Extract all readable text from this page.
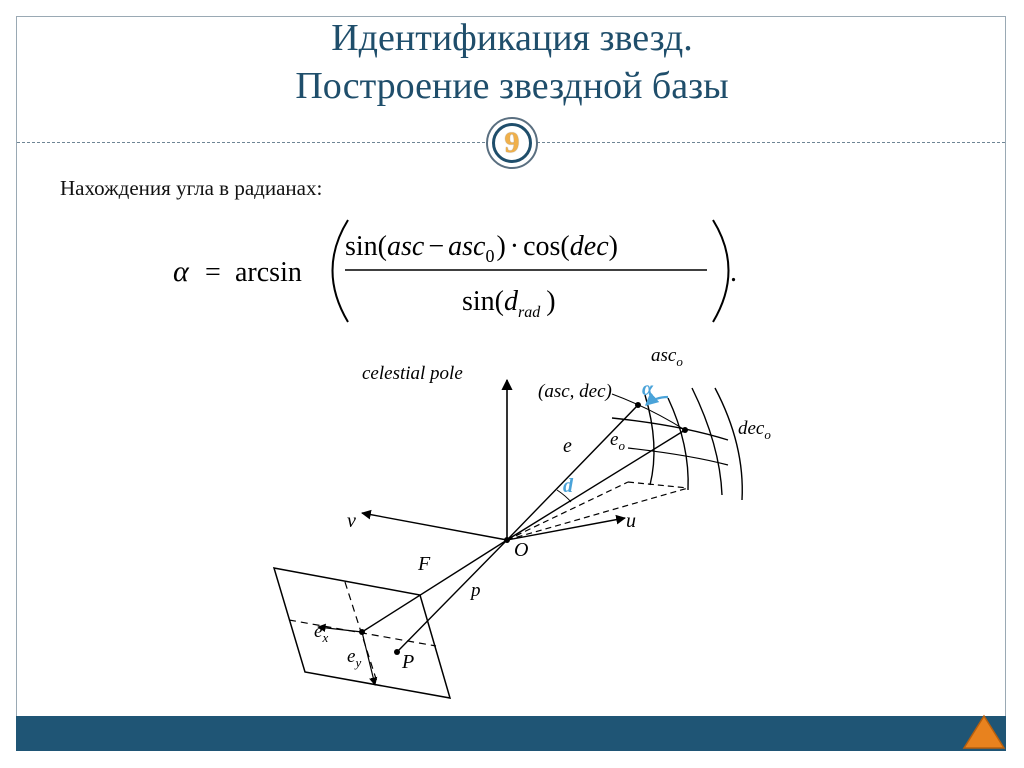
Идентификация звезд.
Построение звездной базы
9
Нахождения угла в радианах:
α = arcsin
sin(asc − asc$_0$) · cos(dec)
$\sin(d_{rad}$ )
.
celestial pole
(asc, dec)
asc$_o$
dec$_o$
α
e $e_o$
d
v	u
O
F
p
$e_x$
$e_y$ P
